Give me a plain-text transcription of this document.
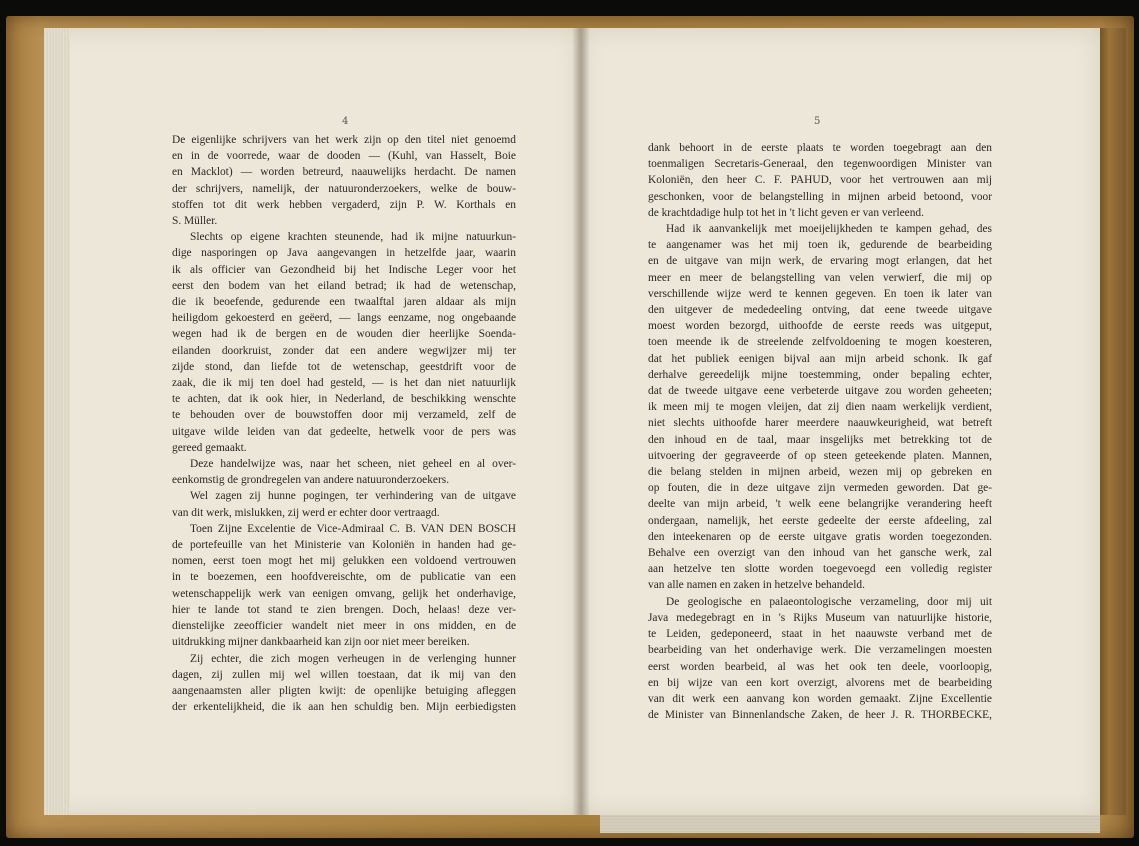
4	5
De eigenlijke schrijvers van het werk zijn op den titel niet genoemd
en in de voorrede, waar de dooden — (Kuhl, van Hasselt, Boie
en Macklot) — worden betreurd, naauwelijks herdacht. De namen
der schrijvers, namelijk, der natuuronderzoekers, welke de bouw-
stoffen tot dit werk hebben vergaderd, zijn P. W. Korthals en
S. Müller.
Slechts op eigene krachten steunende, had ik mijne natuurkun-
dige nasporingen op Java aangevangen in hetzelfde jaar, waarin
ik als officier van Gezondheid bij het Indische Leger voor het
eerst den bodem van het eiland betrad; ik had de wetenschap,
die ik beoefende, gedurende een twaalftal jaren aldaar als mijn
heiligdom gekoesterd en geëerd, — langs eenzame, nog ongebaande
wegen had ik de bergen en de wouden dier heerlijke Soenda-
eilanden doorkruist, zonder dat een andere wegwijzer mij ter
zijde stond, dan liefde tot de wetenschap, geestdrift voor de
zaak, die ik mij ten doel had gesteld, — is het dan niet natuurlijk
te achten, dat ik ook hier, in Nederland, de beschikking wenschte
te behouden over de bouwstoffen door mij verzameld, zelf de
uitgave wilde leiden van dat gedeelte, hetwelk voor de pers was
gereed gemaakt.
Deze handelwijze was, naar het scheen, niet geheel en al over-
eenkomstig de grondregelen van andere natuuronderzoekers.
Wel zagen zij hunne pogingen, ter verhindering van de uitgave
van dit werk, mislukken, zij werd er echter door vertraagd.
Toen Zijne Excelentie de Vice-Admiraal C. B. VAN DEN BOSCH
de portefeuille van het Ministerie van Koloniën in handen had ge-
nomen, eerst toen mogt het mij gelukken een voldoend vertrouwen
in te boezemen, een hoofdvereischte, om de publicatie van een
wetenschappelijk werk van eenigen omvang, gelijk het onderhavige,
hier te lande tot stand te zien brengen. Doch, helaas! deze ver-
dienstelijke zeeofficier wandelt niet meer in ons midden, en de
uitdrukking mijner dankbaarheid kan zijn oor niet meer bereiken.
Zij echter, die zich mogen verheugen in de verlenging hunner
dagen, zij zullen mij wel willen toestaan, dat ik mij van den
aangenaamsten aller pligten kwijt: de openlijke betuiging afleggen
der erkentelijkheid, die ik aan hen schuldig ben. Mijn eerbiedigsten
dank behoort in de eerste plaats te worden toegebragt aan den
toenmaligen Secretaris-Generaal, den tegenwoordigen Minister van
Koloniën, den heer C. F. PAHUD, voor het vertrouwen aan mij
geschonken, voor de belangstelling in mijnen arbeid betoond, voor
de krachtdadige hulp tot het in 't licht geven er van verleend.
Had ik aanvankelijk met moeijelijkheden te kampen gehad, des
te aangenamer was het mij toen ik, gedurende de bearbeiding
en de uitgave van mijn werk, de ervaring mogt erlangen, dat het
meer en meer de belangstelling van velen verwierf, die mij op
verschillende wijze werd te kennen gegeven. En toen ik later van
den uitgever de mededeeling ontving, dat eene tweede uitgave
moest worden bezorgd, uithoofde de eerste reeds was uitgeput,
toen meende ik de streelende zelfvoldoening te mogen koesteren,
dat het publiek eenigen bijval aan mijn arbeid schonk. Ik gaf
derhalve gereedelijk mijne toestemming, onder bepaling echter,
dat de tweede uitgave eene verbeterde uitgave zou worden geheeten;
ik meen mij te mogen vleijen, dat zij dien naam werkelijk verdient,
niet slechts uithoofde harer meerdere naauwkeurigheid, wat betreft
den inhoud en de taal, maar insgelijks met betrekking tot de
uitvoering der gegraveerde of op steen geteekende platen. Mannen,
die belang stelden in mijnen arbeid, wezen mij op gebreken en
op fouten, die in deze uitgave zijn vermeden geworden. Dat ge-
deelte van mijn arbeid, 't welk eene belangrijke verandering heeft
ondergaan, namelijk, het eerste gedeelte der eerste afdeeling, zal
den inteekenaren op de eerste uitgave gratis worden toegezonden.
Behalve een overzigt van den inhoud van het gansche werk, zal
aan hetzelve ten slotte worden toegevoegd een volledig register
van alle namen en zaken in hetzelve behandeld.
De geologische en palaeontologische verzameling, door mij uit
Java medegebragt en in 's Rijks Museum van natuurlijke historie,
te Leiden, gedeponeerd, staat in het naauwste verband met de
bearbeiding van het onderhavige werk. Die verzamelingen moesten
eerst worden bearbeid, al was het ook ten deele, voorloopig,
en bij wijze van een kort overzigt, alvorens met de bearbeiding
van dit werk een aanvang kon worden gemaakt. Zijne Excellentie
de Minister van Binnenlandsche Zaken, de heer J. R. THORBECKE,
